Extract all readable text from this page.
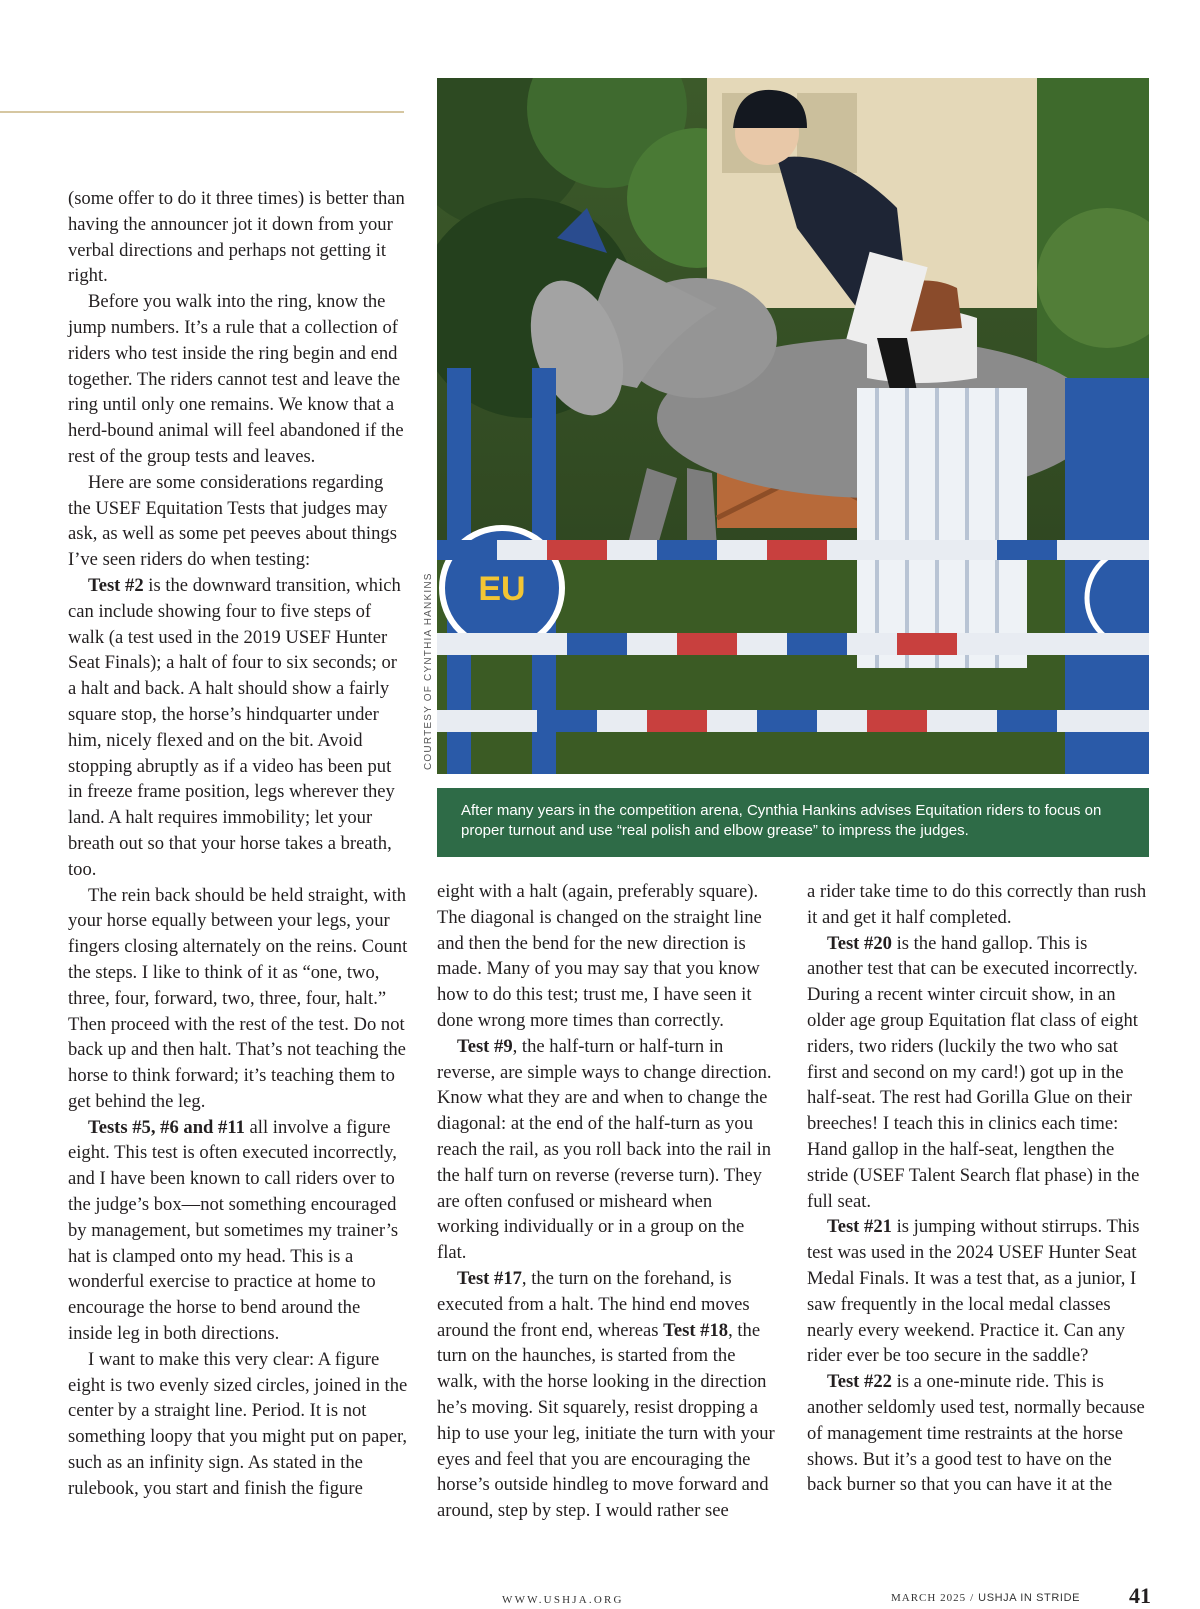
(some offer to do it three times) is better than having the announcer jot it down from your verbal directions and perhaps not getting it right.

Before you walk into the ring, know the jump numbers. It’s a rule that a collection of riders who test inside the ring begin and end together. The riders cannot test and leave the ring until only one remains. We know that a herd-bound animal will feel abandoned if the rest of the group tests and leaves.

Here are some considerations regarding the USEF Equitation Tests that judges may ask, as well as some pet peeves about things I’ve seen riders do when testing:

Test #2 is the downward transition, which can include showing four to five steps of walk (a test used in the 2019 USEF Hunter Seat Finals); a halt of four to six seconds; or a halt and back. A halt should show a fairly square stop, the horse’s hindquarter under him, nicely flexed and on the bit. Avoid stopping abruptly as if a video has been put in freeze frame position, legs wherever they land. A halt requires immobility; let your breath out so that your horse takes a breath, too.

The rein back should be held straight, with your horse equally between your legs, your fingers closing alternately on the reins. Count the steps. I like to think of it as “one, two, three, four, forward, two, three, four, halt.” Then proceed with the rest of the test. Do not back up and then halt. That’s not teaching the horse to think forward; it’s teaching them to get behind the leg.

Tests #5, #6 and #11 all involve a figure eight. This test is often executed incorrectly, and I have been known to call riders over to the judge’s box—not something encouraged by management, but sometimes my trainer’s hat is clamped onto my head. This is a wonderful exercise to practice at home to encourage the horse to bend around the inside leg in both directions.

I want to make this very clear: A figure eight is two evenly sized circles, joined in the center by a straight line. Period. It is not something loopy that you might put on paper, such as an infinity sign. As stated in the rulebook, you start and finish the figure

EU
COURTESY OF CYNTHIA HANKINS
After many years in the competition arena, Cynthia Hankins advises Equitation riders to focus on proper turnout and use “real polish and elbow grease” to impress the judges.

eight with a halt (again, preferably square). The diagonal is changed on the straight line and then the bend for the new direction is made. Many of you may say that you know how to do this test; trust me, I have seen it done wrong more times than correctly.

Test #9, the half-turn or half-turn in reverse, are simple ways to change direction. Know what they are and when to change the diagonal: at the end of the half-turn as you reach the rail, as you roll back into the rail in the half turn on reverse (reverse turn). They are often confused or misheard when working individually or in a group on the flat.

Test #17, the turn on the forehand, is executed from a halt. The hind end moves around the front end, whereas Test #18, the turn on the haunches, is started from the walk, with the horse looking in the direction he’s moving. Sit squarely, resist dropping a hip to use your leg, initiate the turn with your eyes and feel that you are encouraging the horse’s outside hindleg to move forward and around, step by step. I would rather see

a rider take time to do this correctly than rush it and get it half completed.

Test #20 is the hand gallop. This is another test that can be executed incorrectly. During a recent winter circuit show, in an older age group Equitation flat class of eight riders, two riders (luckily the two who sat first and second on my card!) got up in the half-seat. The rest had Gorilla Glue on their breeches! I teach this in clinics each time: Hand gallop in the half-seat, lengthen the stride (USEF Talent Search flat phase) in the full seat.

Test #21 is jumping without stirrups. This test was used in the 2024 USEF Hunter Seat Medal Finals. It was a test that, as a junior, I saw frequently in the local medal classes nearly every weekend. Practice it. Can any rider ever be too secure in the saddle?

Test #22 is a one-minute ride. This is another seldomly used test, normally because of management time restraints at the horse shows. But it’s a good test to have on the back burner so that you can have it at the

WWW.USHJA.ORG	MARCH 2025 / USHJA IN STRIDE 41
